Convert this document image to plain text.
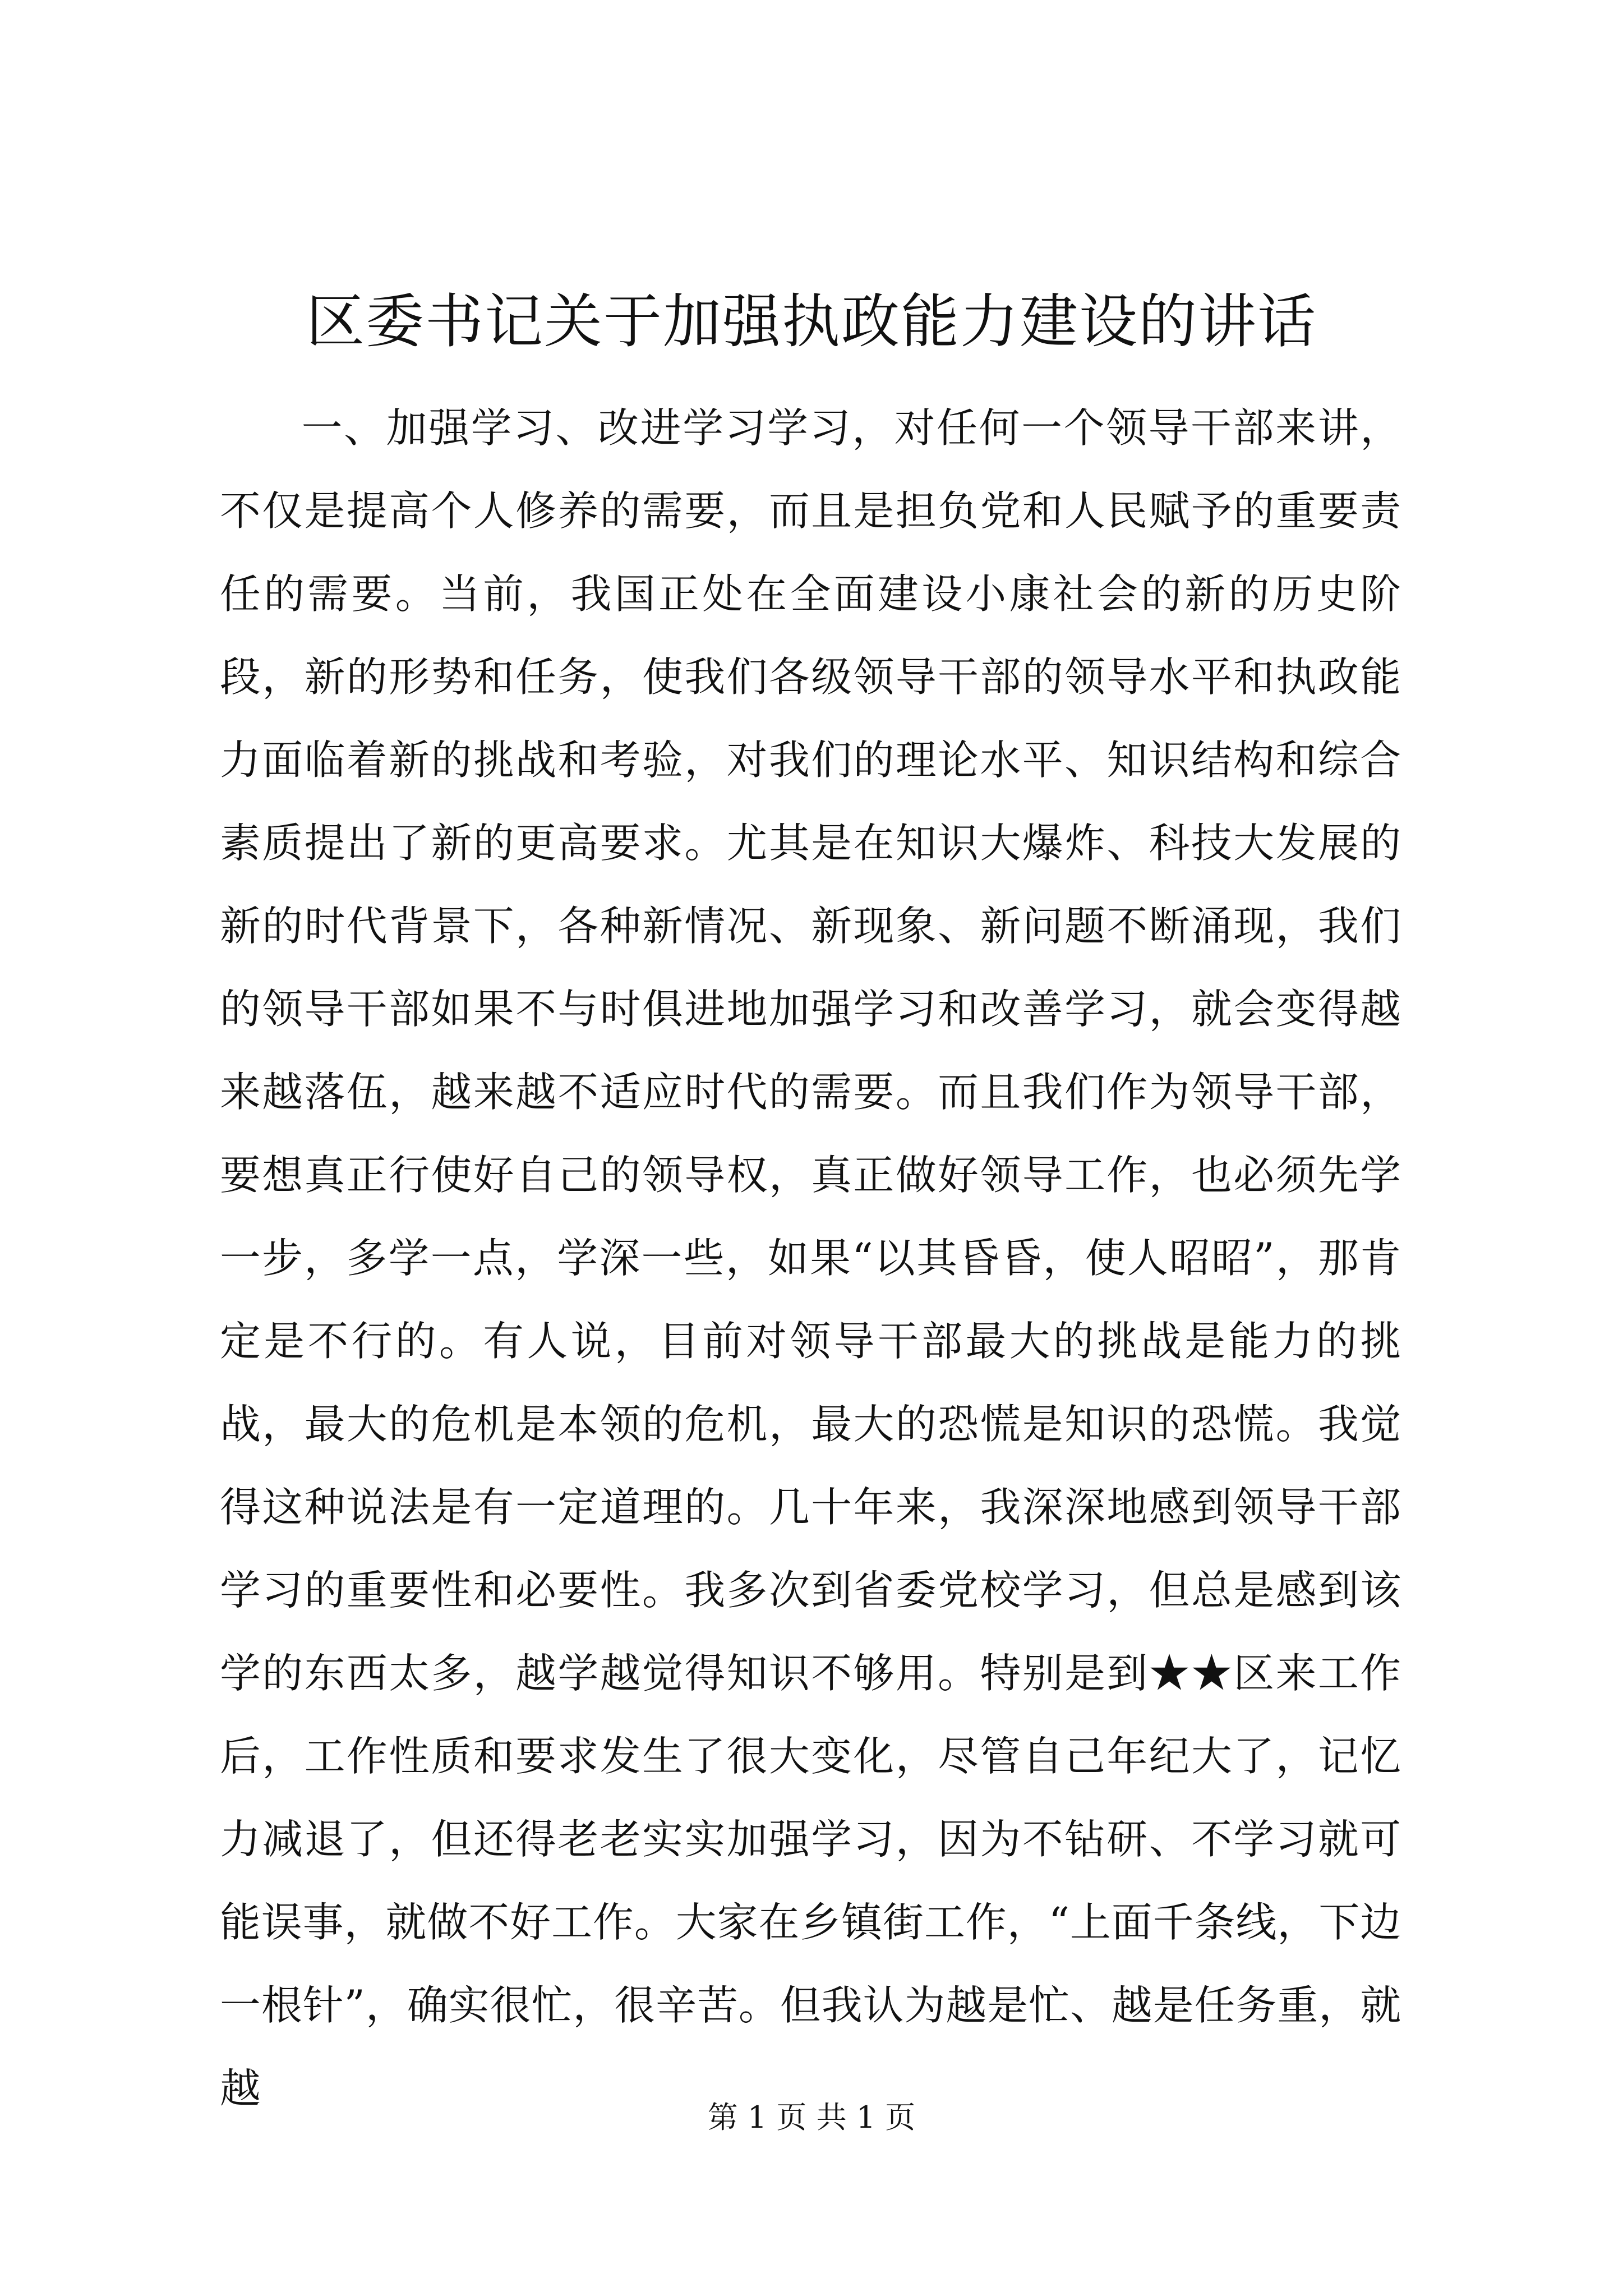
区委书记关于加强执政能力建设的讲话

一、加强学习、改进学习学习，对任何一个领导干部来讲，不仅是提高个人修养的需要，而且是担负党和人民赋予的重要责任的需要。当前，我国正处在全面建设小康社会的新的历史阶段，新的形势和任务，使我们各级领导干部的领导水平和执政能力面临着新的挑战和考验，对我们的理论水平、知识结构和综合素质提出了新的更高要求。尤其是在知识大爆炸、科技大发展的新的时代背景下，各种新情况、新现象、新问题不断涌现，我们的领导干部如果不与时俱进地加强学习和改善学习，就会变得越来越落伍，越来越不适应时代的需要。而且我们作为领导干部，要想真正行使好自己的领导权，真正做好领导工作，也必须先学一步，多学一点，学深一些，如果“以其昏昏，使人昭昭”，那肯定是不行的。有人说，目前对领导干部最大的挑战是能力的挑战，最大的危机是本领的危机，最大的恐慌是知识的恐慌。我觉得这种说法是有一定道理的。几十年来，我深深地感到领导干部学习的重要性和必要性。我多次到省委党校学习，但总是感到该学的东西太多，越学越觉得知识不够用。特别是到★★区来工作后，工作性质和要求发生了很大变化，尽管自己年纪大了，记忆力减退了，但还得老老实实加强学习，因为不钻研、不学习就可能误事，就做不好工作。大家在乡镇街工作，“上面千条线，下边一根针”，确实很忙，很辛苦。但我认为越是忙、越是任务重，就越

第 1 页 共 1 页
